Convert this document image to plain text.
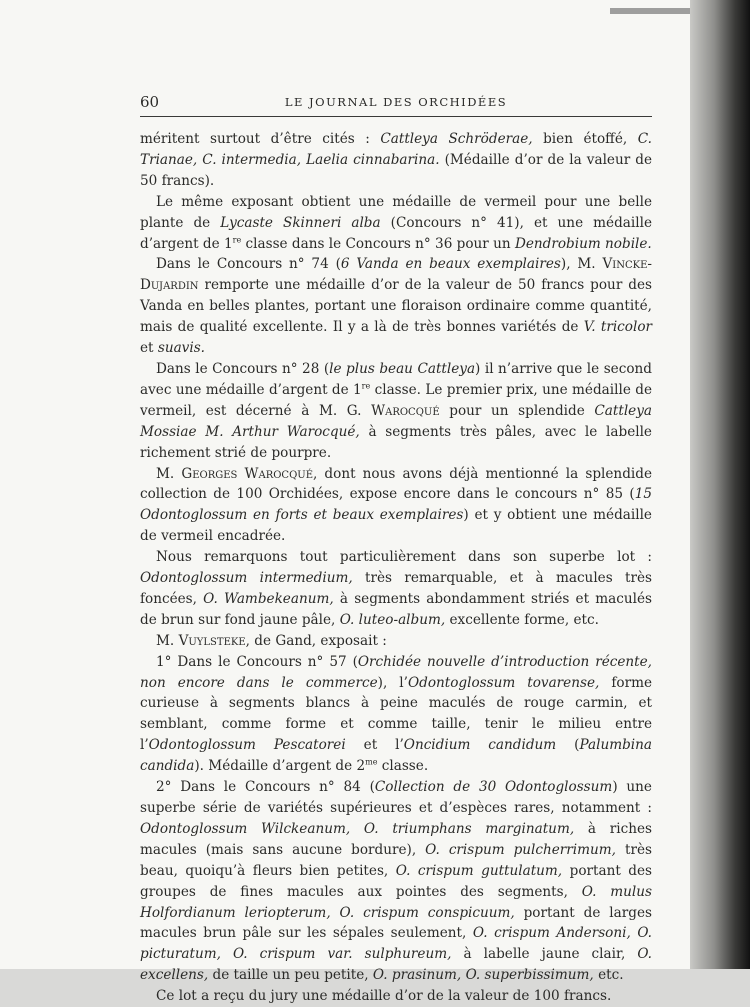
60	LE JOURNAL DES ORCHIDÉES

méritent surtout d’être cités : Cattleya Schröderae, bien étoffé, C. Trianae, C. intermedia, Laelia cinnabarina. (Médaille d’or de la valeur de 50 francs).

Le même exposant obtient une médaille de vermeil pour une belle plante de Lycaste Skinneri alba (Concours n° 41), et une médaille d’argent de 1re classe dans le Concours n° 36 pour un Dendrobium nobile.

Dans le Concours n° 74 (6 Vanda en beaux exemplaires), M. Vincke-Dujardin remporte une médaille d’or de la valeur de 50 francs pour des Vanda en belles plantes, portant une floraison ordinaire comme quantité, mais de qualité excellente. Il y a là de très bonnes variétés de V. tricolor et suavis.

Dans le Concours n° 28 (le plus beau Cattleya) il n’arrive que le second avec une médaille d’argent de 1re classe. Le premier prix, une médaille de vermeil, est décerné à M. G. Warocqué pour un splendide Cattleya Mossiae M. Arthur Warocqué, à segments très pâles, avec le labelle richement strié de pourpre.

M. Georges Warocqué, dont nous avons déjà mentionné la splendide collection de 100 Orchidées, expose encore dans le concours n° 85 (15 Odontoglossum en forts et beaux exemplaires) et y obtient une médaille de vermeil encadrée.

Nous remarquons tout particulièrement dans son superbe lot : Odontoglossum intermedium, très remarquable, et à macules très foncées, O. Wambekeanum, à segments abondamment striés et maculés de brun sur fond jaune pâle, O. luteo-album, excellente forme, etc.

M. Vuylsteke, de Gand, exposait :

1° Dans le Concours n° 57 (Orchidée nouvelle d’introduction récente, non encore dans le commerce), l’Odontoglossum tovarense, forme curieuse à segments blancs à peine maculés de rouge carmin, et semblant, comme forme et comme taille, tenir le milieu entre l’Odontoglossum Pescatorei et l’Oncidium candidum (Palumbina candida). Médaille d’argent de $2^{me}$ classe.

2° Dans le Concours n° 84 (Collection de 30 Odontoglossum) une superbe série de variétés supérieures et d’espèces rares, notamment : Odontoglossum Wilckeanum, O. triumphans marginatum, à riches macules (mais sans aucune bordure), O. crispum pulcherrimum, très beau, quoiqu’à fleurs bien petites, O. crispum guttulatum, portant des groupes de fines macules aux pointes des segments, O. mulus Holfordianum leriopterum, O. crispum conspicuum, portant de larges macules brun pâle sur les sépales seulement, O. crispum Andersoni, O. picturatum, O. crispum var. sulphureum, à labelle jaune clair, O. excellens, de taille un peu petite, O. prasinum, O. superbissimum, etc.

Ce lot a reçu du jury une médaille d’or de la valeur de 100 francs.
